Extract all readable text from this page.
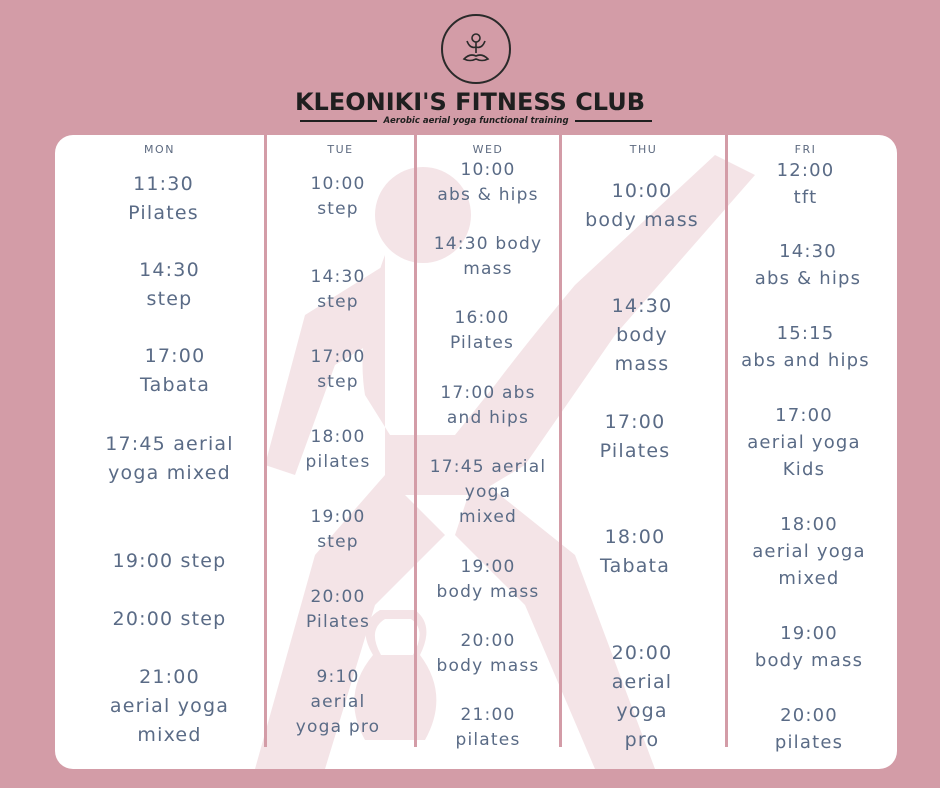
KLEONIKI'S FITNESS CLUB
Aerobic aerial yoga functional training
MON
11:30
Pilates
14:30
step
17:00
Tabata
17:45 aerial
yoga mixed
19:00 step
20:00 step
21:00
aerial yoga
mixed
TUE
10:00
step
14:30
step
17:00
step
18:00
pilates
19:00
step
20:00
Pilates
9:10
aerial
yoga pro
WED
10:00
abs & hips
14:30 body
mass
16:00
Pilates
17:00 abs
and hips
17:45 aerial
yoga
mixed
19:00
body mass
20:00
body mass
21:00
pilates
THU
10:00
body mass
14:30
body
mass
17:00
Pilates
18:00
Tabata
20:00
aerial
yoga
pro
FRI
12:00
tft
14:30
abs & hips
15:15
abs and hips
17:00
aerial yoga
Kids
18:00
aerial yoga
mixed
19:00
body mass
20:00
pilates
